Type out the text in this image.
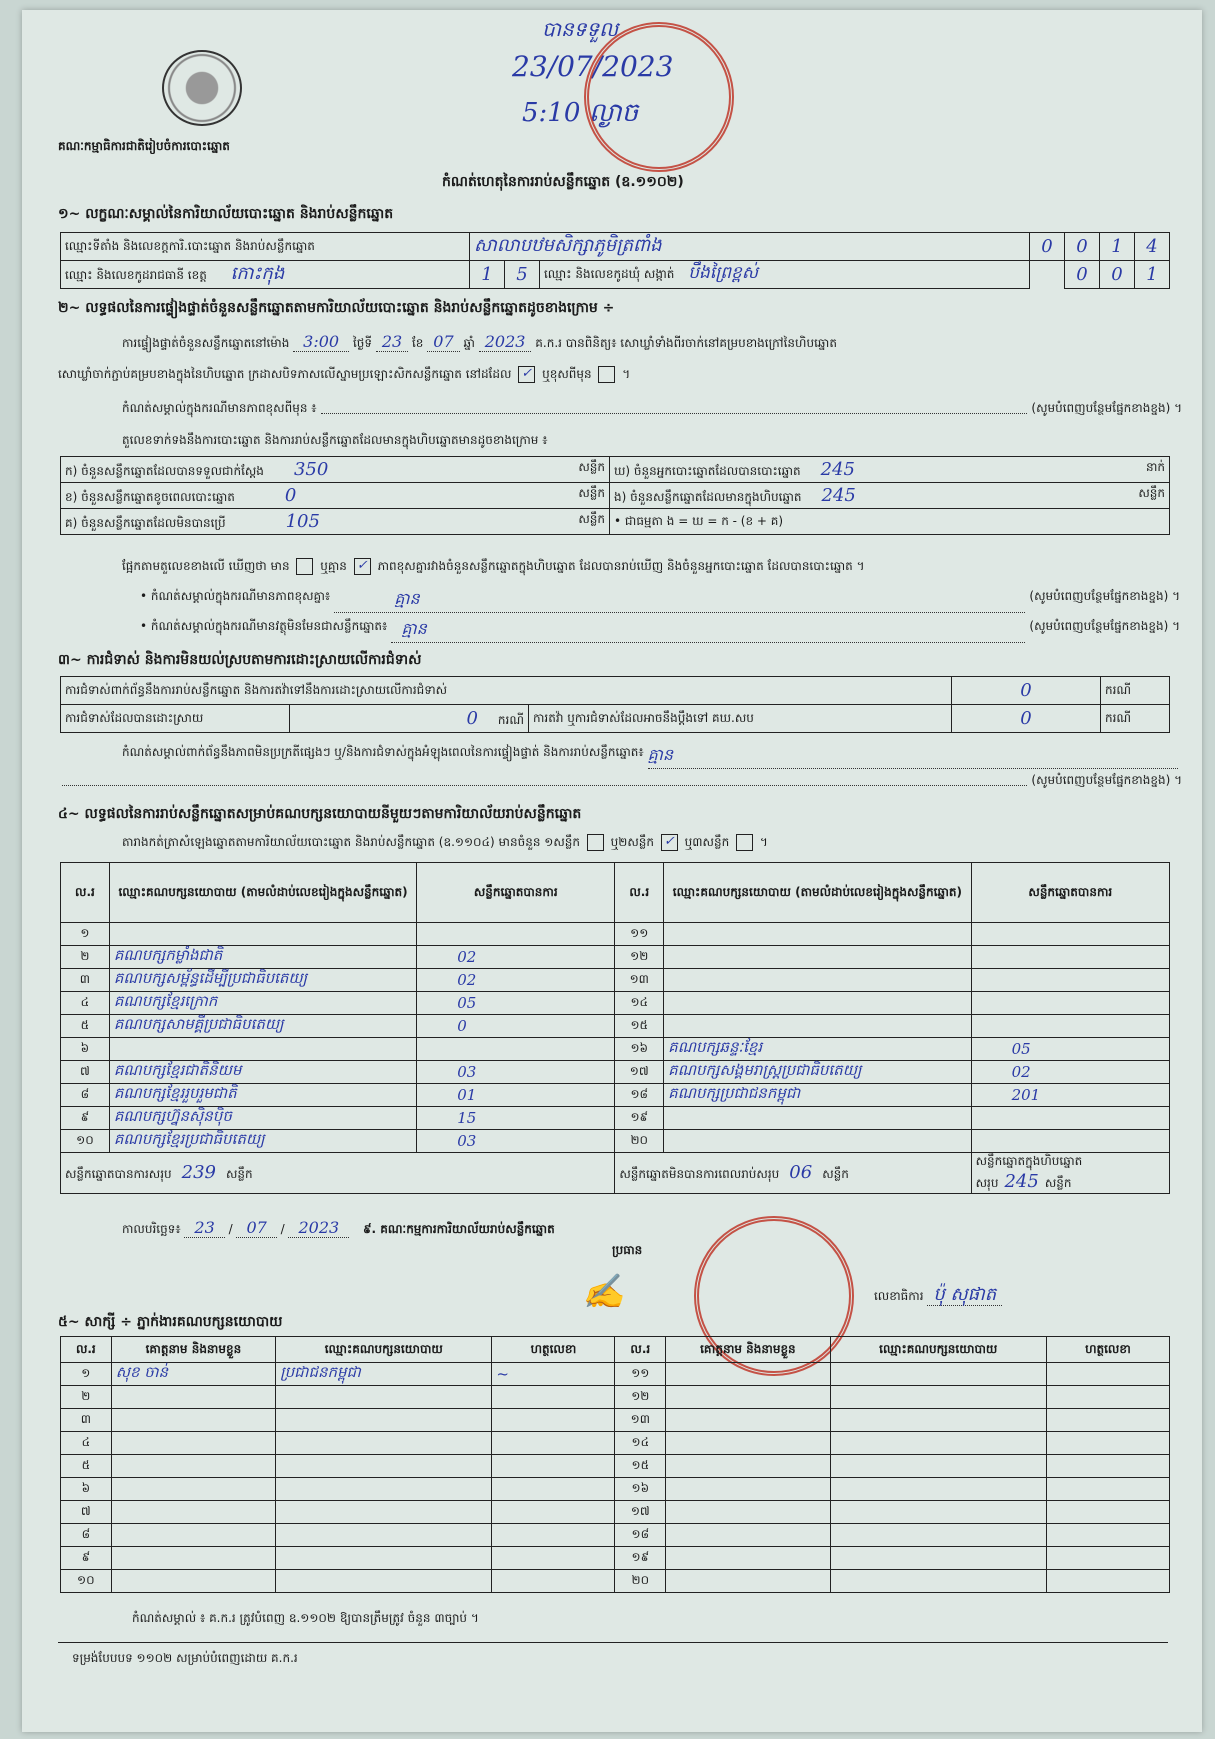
គណៈកម្មាធិការជាតិរៀបចំការបោះឆ្នោត
បានទទួល
23/07/2023
5:10 ល្ងាច
កំណត់ហេតុនៃការរាប់សន្លឹកឆ្នោត (ឧ.១១០២)
១~ លក្ខណៈសម្គាល់នៃការិយាល័យបោះឆ្នោត និងរាប់សន្លឹកឆ្នោត
ឈ្មោះទីតាំង និងលេខក្ដការិ.បោះឆ្នោត និងរាប់សន្លឹកឆ្នោត	សាលាបឋមសិក្សាភូមិត្រពាំង			0	0	1	4
ឈ្មោះ និងលេខកូដរាជធានី ខេត្ត កោះកុង	1	5	ឈ្មោះ និងលេខកូដឃុំ សង្កាត់ បឹងព្រៃខ្ពស់		0	0	1
២~ លទ្ធផលនៃការផ្ទៀងផ្ទាត់ចំនួនសន្លឹកឆ្នោតតាមការិយាល័យបោះឆ្នោត និងរាប់សន្លឹកឆ្នោតដូចខាងក្រោម ÷
ការផ្ទៀងផ្ទាត់ចំនួនសន្លឹកឆ្នោតនៅម៉ោង 3:00 ថ្ងៃទី 23 ខែ 07 ឆ្នាំ 2023 គ.ក.រ បានពិនិត្យ៖ សោឃ្លាំទាំងពីរចាក់នៅគម្របខាងក្រៅនៃហិបឆ្នោត
សោឃ្លាំចាក់ភ្ជាប់គម្របខាងក្នុងនៃហិបឆ្នោត ក្រដាសបិទភាសលើស្នាមប្រឡោះសិកសន្លឹកឆ្នោត នៅដដែល ✓ ឬខុសពីមុន  ។
កំណត់សម្គាល់ក្នុងករណីមានភាពខុសពីមុន ៖	(សូមបំពេញបន្ថែមផ្នែកខាងខ្នង) ។
តួលេខទាក់ទងនឹងការបោះឆ្នោត និងការរាប់សន្លឹកឆ្នោតដែលមានក្នុងហិបឆ្នោតមានដូចខាងក្រោម ៖
ក) ចំនួនសន្លឹកឆ្នោតដែលបានទទួលជាក់ស្ដែង 350 សន្លឹក	ឃ) ចំនួនអ្នកបោះឆ្នោតដែលបានបោះឆ្នោត 245 នាក់

ខ) ចំនួនសន្លឹកឆ្នោតខូចពេលបោះឆ្នោត 0 សន្លឹក	ង) ចំនួនសន្លឹកឆ្នោតដែលមានក្នុងហិបឆ្នោត 245 សន្លឹក

គ) ចំនួនសន្លឹកឆ្នោតដែលមិនបានប្រើ 105 សន្លឹក	• ជាធម្មតា ង = ឃ = ក - (ខ + គ)
ផ្អែកតាមតួលេខខាងលើ ឃើញថា មាន	ឬគ្មាន ✓ ភាពខុសគ្នារវាងចំនួនសន្លឹកឆ្នោតក្នុងហិបឆ្នោត ដែលបានរាប់ឃើញ និងចំនួនអ្នកបោះឆ្នោត ដែលបានបោះឆ្នោត ។
• កំណត់សម្គាល់ក្នុងករណីមានភាពខុសគ្នា៖	គ្មាន	(សូមបំពេញបន្ថែមផ្នែកខាងខ្នង) ។
• កំណត់សម្គាល់ក្នុងករណីមានវត្ថុមិនមែនជាសន្លឹកឆ្នោត៖ គ្មាន	(សូមបំពេញបន្ថែមផ្នែកខាងខ្នង) ។
៣~ ការជំទាស់ និងការមិនយល់ស្របតាមការដោះស្រាយលើការជំទាស់
ការជំទាស់ពាក់ព័ន្ធនឹងការរាប់សន្លឹកឆ្នោត និងការតវ៉ាទៅនឹងការដោះស្រាយលើការជំទាស់			0	ករណី
ការជំទាស់ដែលបានដោះស្រាយ	0 ករណី	ការតវ៉ា ឬការជំទាស់ដែលអាចនឹងប្ដឹងទៅ គឃ.សប	0	ករណី
កំណត់សម្គាល់ពាក់ព័ន្ធនឹងភាពមិនប្រក្រតីផ្សេងៗ ឬ/និងការជំទាស់ក្នុងអំឡុងពេលនៃការផ្ទៀងផ្ទាត់ និងការរាប់សន្លឹកឆ្នោត៖ គ្មាន
(សូមបំពេញបន្ថែមផ្នែកខាងខ្នង) ។
៤~ លទ្ធផលនៃការរាប់សន្លឹកឆ្នោតសម្រាប់គណបក្សនយោបាយនីមួយៗតាមការិយាល័យរាប់សន្លឹកឆ្នោត
តារាងកត់ត្រាសំឡេងឆ្នោតតាមការិយាល័យបោះឆ្នោត និងរាប់សន្លឹកឆ្នោត (ឧ.១១០៤) មានចំនួន ១សន្លឹក	ឬ២សន្លឹក ✓ ឬ៣សន្លឹក  ។
ល.រ	ឈ្មោះគណបក្សនយោបាយ (តាមលំដាប់លេខរៀងក្នុងសន្លឹកឆ្នោត)	សន្លឹកឆ្នោតបានការ	ល.រ	ឈ្មោះគណបក្សនយោបាយ (តាមលំដាប់លេខរៀងក្នុងសន្លឹកឆ្នោត)	សន្លឹកឆ្នោតបានការ
១			១១		
២	គណបក្សកម្លាំងជាតិ	02	១២		
៣	គណបក្សសម្ព័ន្ធដើម្បីប្រជាធិបតេយ្យ	02	១៣		
៤	គណបក្សខ្មែរក្រោក	05	១៤		
៥	គណបក្សសាមគ្គីប្រជាធិបតេយ្យ	0	១៥		
៦			១៦	គណបក្សឆន្ទៈខ្មែរ	05
៧	គណបក្សខ្មែរជាតិនិយម	03	១៧	គណបក្សសង្គមរាស្ត្រប្រជាធិបតេយ្យ	02
៨	គណបក្សខ្មែររួបរួមជាតិ	01	១៨	គណបក្សប្រជាជនកម្ពុជា	201
៩	គណបក្សហ្វ៊ុនស៊ិនប៉ិច	15	១៩		
១០	គណបក្សខ្មែរប្រជាធិបតេយ្យ	03	២០		
សន្លឹកឆ្នោតបានការសរុប 239 សន្លឹក			សន្លឹកឆ្នោតមិនបានការពេលរាប់សរុប 06 សន្លឹក		សន្លឹកឆ្នោតក្នុងហិបឆ្នោតសរុប 245 សន្លឹក
កាលបរិច្ឆេទ៖ 23 / 07 / 2023 ៩. គណៈកម្មការការិយាល័យរាប់សន្លឹកឆ្នោត
ប្រធាន
✍	លេខាធិការ ប៉ុ សុផាត
៥~ សាក្សី ÷ ភ្នាក់ងារគណបក្សនយោបាយ
ល.រ	គោត្តនាម និងនាមខ្លួន	ឈ្មោះគណបក្សនយោបាយ	ហត្ថលេខា	ល.រ	គោត្តនាម និងនាមខ្លួន	ឈ្មោះគណបក្សនយោបាយ	ហត្ថលេខា
១	សុខ ចាន់	ប្រជាជនកម្ពុជា	~	១១			
២				១២			
៣				១៣			
៤				១៤			
៥				១៥			
៦				១៦			
៧				១៧			
៨				១៨			
៩				១៩			
១០				២០			
កំណត់សម្គាល់ ៖ គ.ក.រ ត្រូវបំពេញ ឧ.១១០២ ឱ្យបានត្រឹមត្រូវ ចំនួន ៣ច្បាប់ ។
ទម្រង់បែបបទ ១១០២ សម្រាប់បំពេញដោយ គ.ក.រ
